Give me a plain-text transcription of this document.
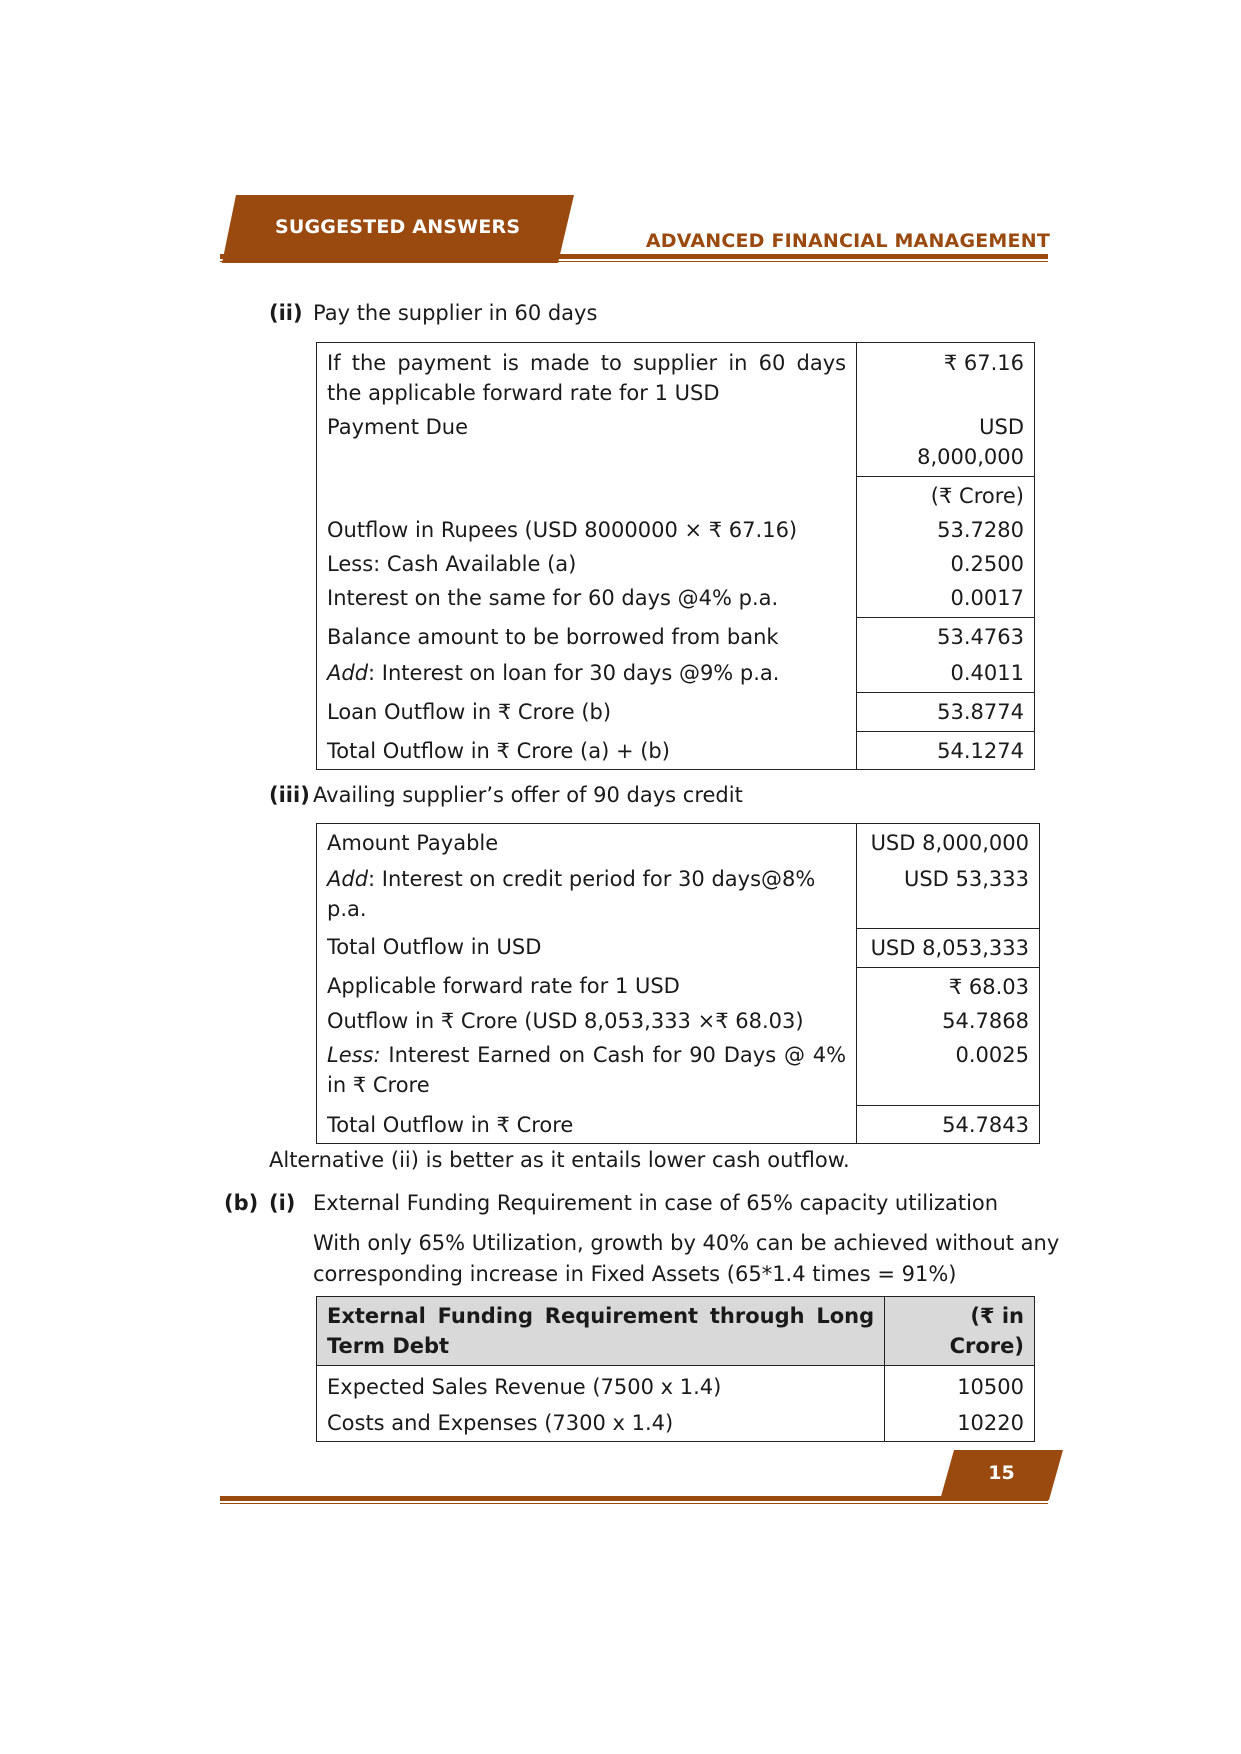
SUGGESTED ANSWERS
ADVANCED FINANCIAL MANAGEMENT
(ii) Pay the supplier in 60 days
If the payment is made to supplier in 60 days the applicable forward rate for 1 USD	₹ 67.16
Payment Due	USD 8,000,000
	(₹ Crore)
Outflow in Rupees (USD 8000000 × ₹ 67.16)	53.7280
Less: Cash Available (a)	0.2500
Interest on the same for 60 days @4% p.a.	0.0017
Balance amount to be borrowed from bank	53.4763
Add: Interest on loan for 30 days @9% p.a.	0.4011
Loan Outflow in ₹ Crore (b)	53.8774
Total Outflow in ₹ Crore (a) + (b)	54.1274
(iii) Availing supplier’s offer of 90 days credit
Amount Payable	USD 8,000,000
Add: Interest on credit period for 30 days@8% p.a.	USD 53,333
Total Outflow in USD	USD 8,053,333
Applicable forward rate for 1 USD	₹ 68.03
Outflow in ₹ Crore (USD 8,053,333 ×₹ 68.03)	54.7868
Less: Interest Earned on Cash for 90 Days @ 4% in ₹ Crore	0.0025
Total Outflow in ₹ Crore	54.7843
Alternative (ii) is better as it entails lower cash outflow.
(b) (i) External Funding Requirement in case of 65% capacity utilization
With only 65% Utilization, growth by 40% can be achieved without any
corresponding increase in Fixed Assets (65*1.4 times = 91%)
External Funding Requirement through Long Term Debt	(₹ in Crore)
Expected Sales Revenue (7500 x 1.4)	10500
Costs and Expenses (7300 x 1.4)	10220
15
